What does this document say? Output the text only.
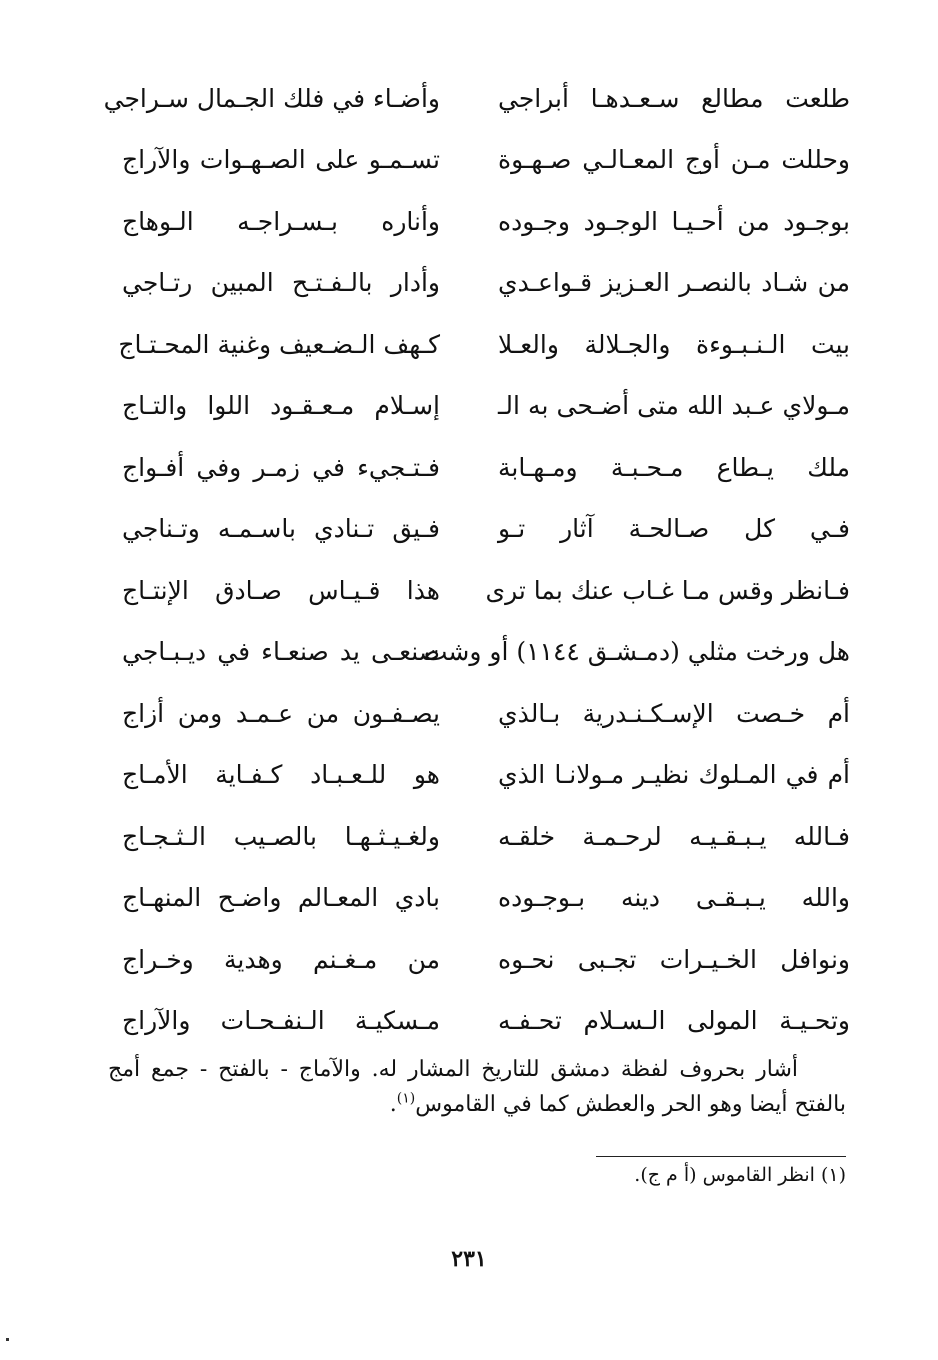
طلعت مطالع سـعـدهـا أبراجي
وأضـاء في فلك الجـمال سـراجي
وحللت مـن أوج المعـالـي صـهـوة
تسـمـو على الصـهـوات والآراج
بوجـود من أحـيـا الوجـود وجـوده
وأناره بـسـراجـه الـوهاج
من شـاد بالنصـر العـزيز قـواعـدي
وأدار بالـفـتـح المبين رتـاجي
بيت الـنـبـوءة والجـلالة والعـلا
كـهف الـضـعيف وغنية المحـتـاج
مـولاي عـبد الله متى أضـحى به الـ
إسـلام مـعـقـود اللوا والتـاج
ملك يـطاع مـحـبـة ومـهـابة
فـتـجيء في زمـر وفي أفـواج
فـي كل صـالحـة آثار تـو
فـيق تـنادي باسـمـه وتـناجي
فـانظر وقس مـا غـاب عنك بما ترى
هذا قـيـاس صـادق الإنتـاج
هل ورخت مثلي (دمـشـق ١١٤٤) أو وشت
صنعـى يد صنعـاء في ديـبـاجي
أم خـصت الإسـكـنـدرية بـالذي
يصـفـون من عـمـد ومن أزاج
أم في المـلوك نظيـر مـولانـا الذي
هو للـعـبـاد كـفـاية الأمـاج
فـالله يـبـقـيـه لرحـمـة خلقـه
ولغـيـثـهـا بالصـيب الـثـجـاج
والله يـبـقـى دينه بـوجـوده
بادي المعـالم واضـح المنهـاج
ونوافل الخـيـرات تجـبى نحـوه
من مـغـنم وهدية وخـراج
وتحـيـة المولى الـسـلام تحـفـه
مـسكيـة الـنفـحـات والآراج
أشار بحروف لفظة دمشق للتاريخ المشار له. والآماج - بالفتح - جمع أمج بالفتح أيضا وهو الحر والعطش كما في القاموس$^{(١)}$.
(١) انظر القاموس (أ م ج).
٢٣١
